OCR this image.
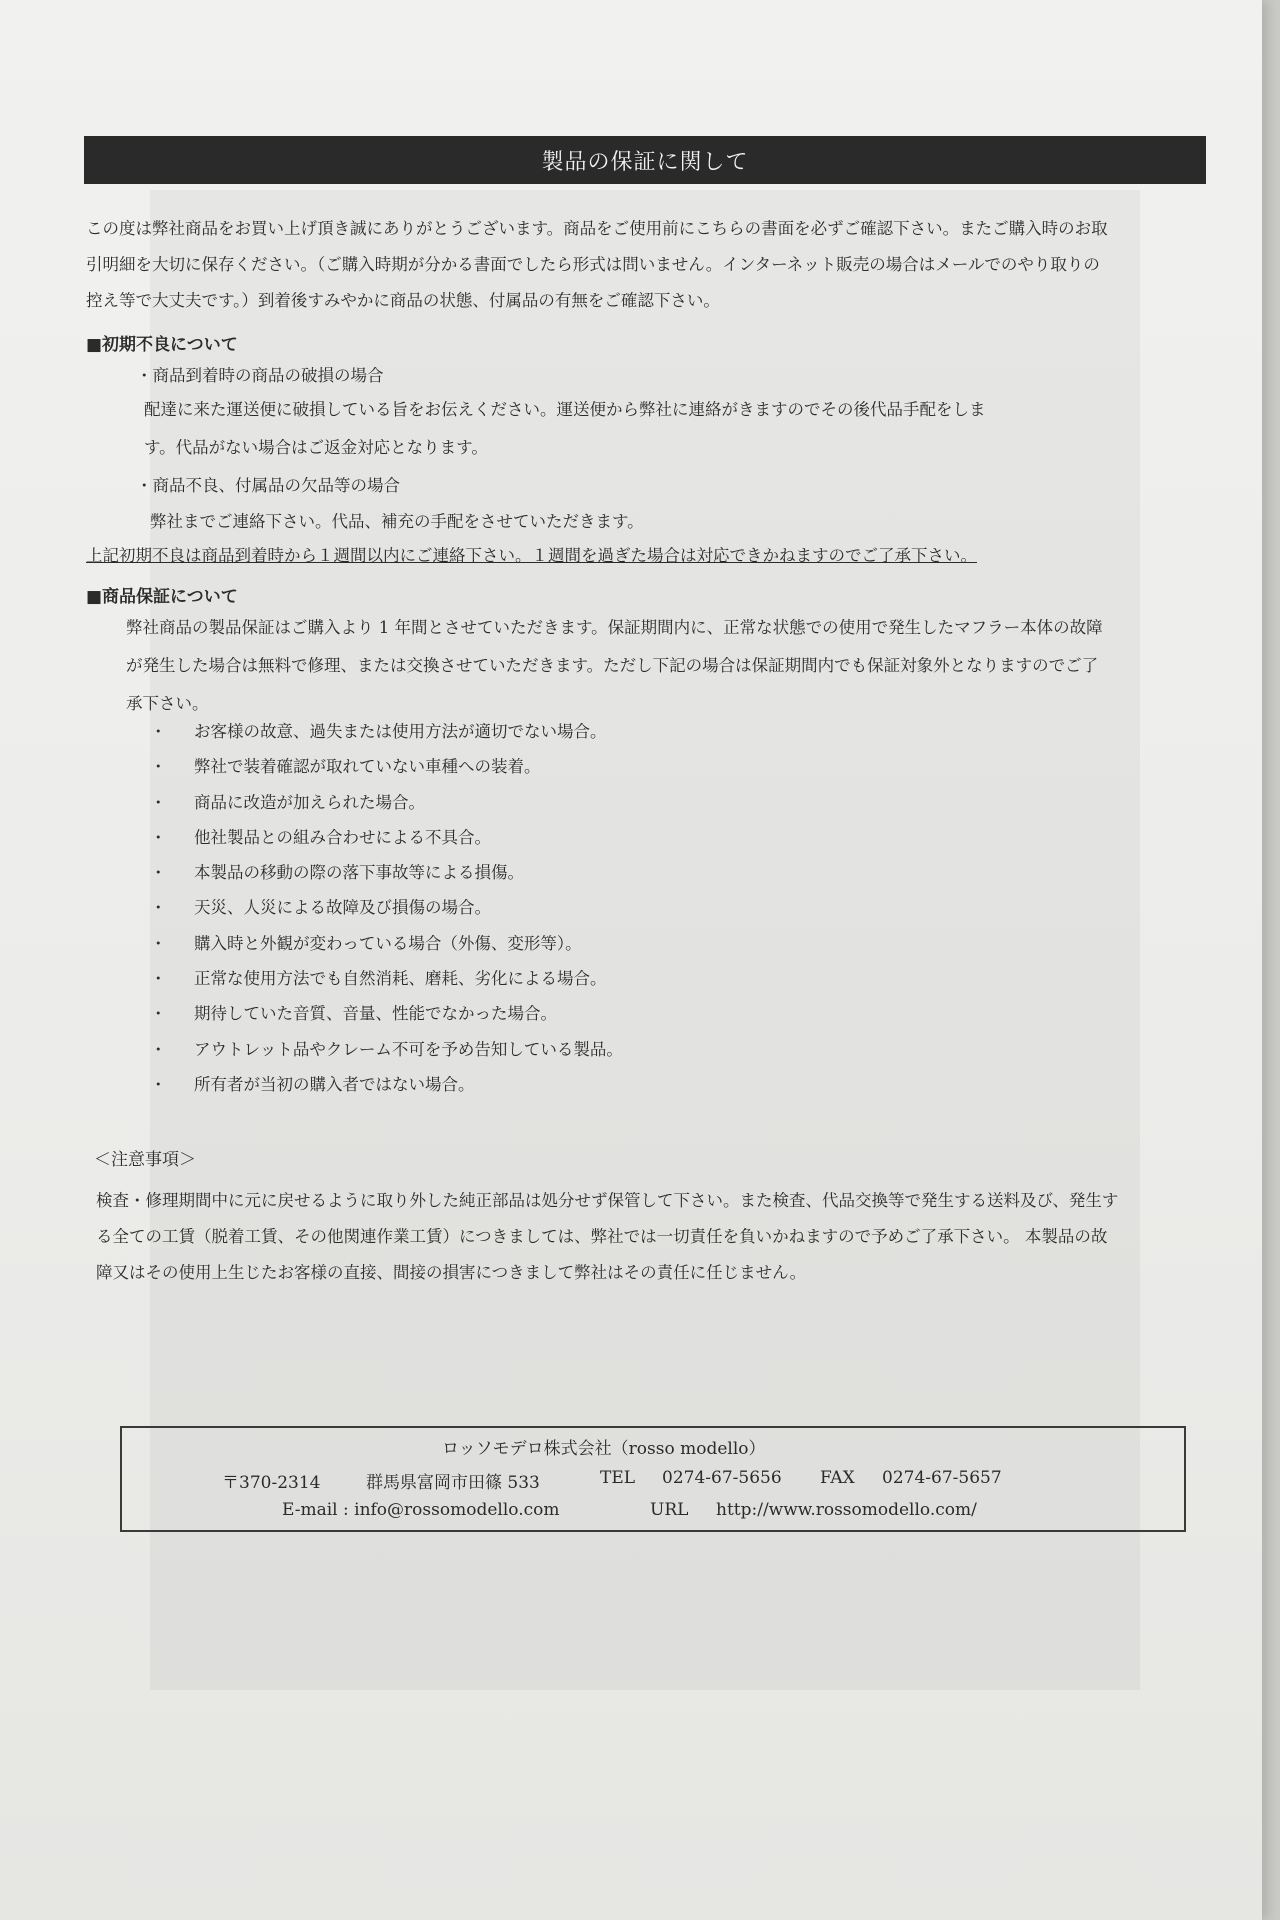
製品の保証に関して
この度は弊社商品をお買い上げ頂き誠にありがとうございます。商品をご使用前にこちらの書面を必ずご確認下さい。またご購入時のお取
引明細を大切に保存ください。（ご購入時期が分かる書面でしたら形式は問いません。インターネット販売の場合はメールでのやり取りの
控え等で大丈夫です。）到着後すみやかに商品の状態、付属品の有無をご確認下さい。
■初期不良について
・商品到着時の商品の破損の場合
配達に来た運送便に破損している旨をお伝えください。運送便から弊社に連絡がきますのでその後代品手配をしま
す。代品がない場合はご返金対応となります。
・商品不良、付属品の欠品等の場合
弊社までご連絡下さい。代品、補充の手配をさせていただきます。
上記初期不良は商品到着時から１週間以内にご連絡下さい。１週間を過ぎた場合は対応できかねますのでご了承下さい。
■商品保証について
弊社商品の製品保証はご購入より 1 年間とさせていただきます。保証期間内に、正常な状態での使用で発生したマフラー本体の故障
が発生した場合は無料で修理、または交換させていただきます。ただし下記の場合は保証期間内でも保証対象外となりますのでご了
承下さい。
・	お客様の故意、過失または使用方法が適切でない場合。
・	弊社で装着確認が取れていない車種への装着。
・	商品に改造が加えられた場合。
・	他社製品との組み合わせによる不具合。
・	本製品の移動の際の落下事故等による損傷。
・	天災、人災による故障及び損傷の場合。
・	購入時と外観が変わっている場合（外傷、変形等）。
・	正常な使用方法でも自然消耗、磨耗、劣化による場合。
・	期待していた音質、音量、性能でなかった場合。
・	アウトレット品やクレーム不可を予め告知している製品。
・	所有者が当初の購入者ではない場合。
＜注意事項＞
検査・修理期間中に元に戻せるように取り外した純正部品は処分せず保管して下さい。また検査、代品交換等で発生する送料及び、発生す
る全ての工賃（脱着工賃、その他関連作業工賃）につきましては、弊社では一切責任を負いかねますので予めご了承下さい。 本製品の故
障又はその使用上生じたお客様の直接、間接の損害につきまして弊社はその責任に任じません。
ロッソモデロ株式会社（rosso modello）
〒370-2314	群馬県富岡市田篠 533	TEL 0274-67-5656 FAX 0274-67-5657
E-mail : info@rossomodello.com	URL http://www.rossomodello.com/
